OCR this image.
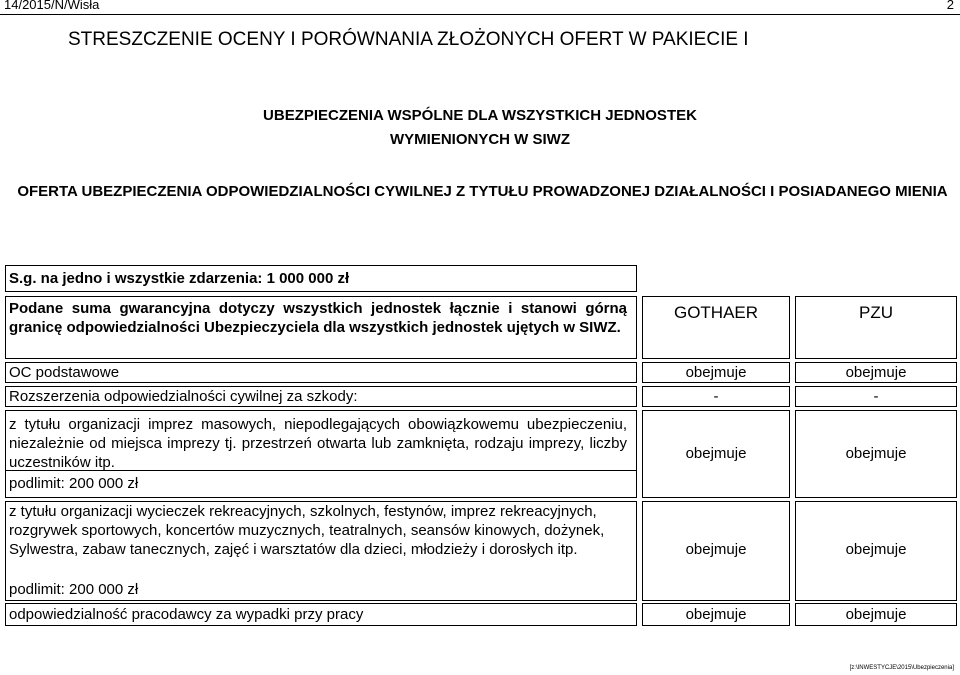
14/2015/N/Wisła	2
STRESZCZENIE OCENY I PORÓWNANIA ZŁOŻONYCH OFERT W PAKIECIE I
UBEZPIECZENIA WSPÓLNE DLA WSZYSTKICH JEDNOSTEK
WYMIENIONYCH W SIWZ
OFERTA UBEZPIECZENIA ODPOWIEDZIALNOŚCI CYWILNEJ Z TYTUŁU PROWADZONEJ DZIAŁALNOŚCI I POSIADANEGO MIENIA
S.g. na jedno i wszystkie zdarzenia: 1 000 000 zł
Podane suma gwarancyjna dotyczy wszystkich jednostek łącznie i stanowi górną granicę odpowiedzialności Ubezpieczyciela dla wszystkich jednostek ujętych w SIWZ.
GOTHAER	PZU
OC podstawowe	obejmuje	obejmuje
Rozszerzenia odpowiedzialności cywilnej za szkody:	-	-
z tytułu organizacji imprez masowych, niepodlegających obowiązkowemu ubezpieczeniu, niezależnie od miejsca imprezy tj. przestrzeń otwarta lub zamknięta, rodzaju imprezy, liczby uczestników itp.
podlimit: 200 000 zł
obejmuje	obejmuje
z tytułu organizacji wycieczek rekreacyjnych, szkolnych, festynów, imprez rekreacyjnych, rozgrywek sportowych, koncertów muzycznych, teatralnych, seansów kinowych, dożynek, Sylwestra, zabaw tanecznych, zajęć i warsztatów dla dzieci, młodzieży i dorosłych itp.
podlimit: 200 000 zł
obejmuje	obejmuje
odpowiedzialność pracodawcy za wypadki przy pracy	obejmuje	obejmuje
[z:\INWESTYCJE\2015\Ubezpieczenia]
